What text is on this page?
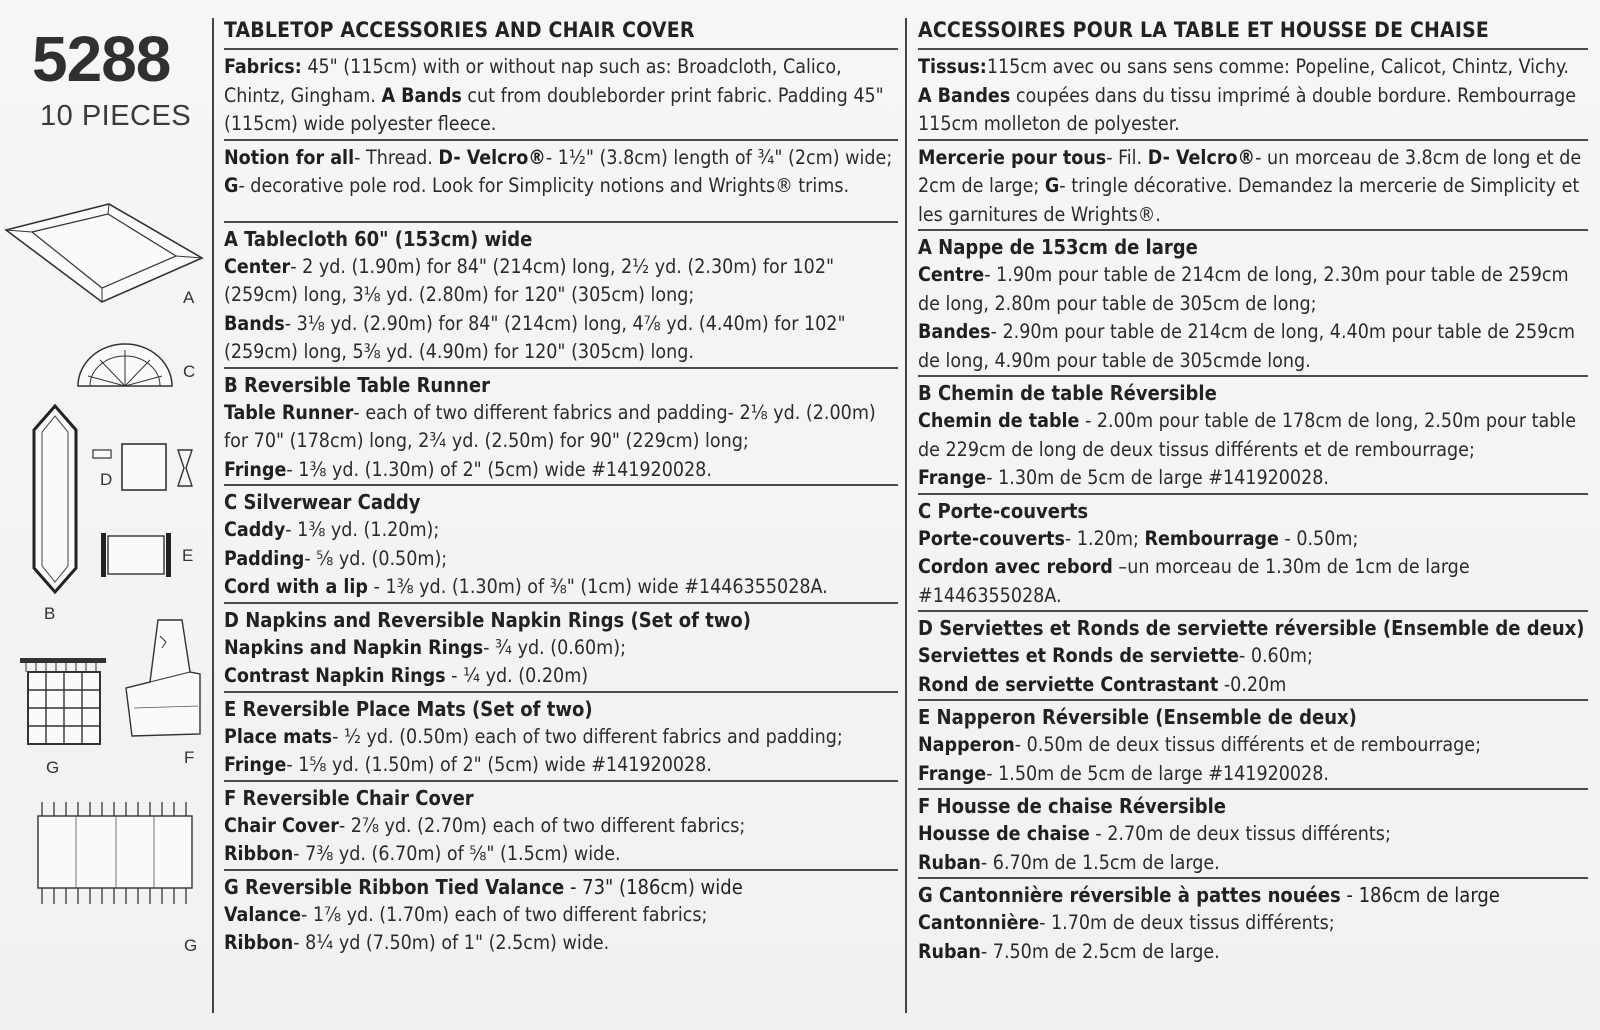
5288
10 PIECES
A
C
B
D
E
G
F
G
TABLETOP ACCESSORIES AND CHAIR COVER
Fabrics: 45" (115cm) with or without nap such as: Broadcloth, Calico,
Chintz, Gingham. A Bands cut from doubleborder print fabric. Padding 45"
(115cm) wide polyester fleece.
Notion for all- Thread. D- Velcro®- 1½" (3.8cm) length of ¾" (2cm) wide;
G- decorative pole rod. Look for Simplicity notions and Wrights® trims.
A Tablecloth 60" (153cm) wide
Center- 2 yd. (1.90m) for 84" (214cm) long, 2½ yd. (2.30m) for 102"
(259cm) long, 3⅛ yd. (2.80m) for 120" (305cm) long;
Bands- 3⅛ yd. (2.90m) for 84" (214cm) long, 4⅞ yd. (4.40m) for 102"
(259cm) long, 5⅜ yd. (4.90m) for 120" (305cm) long.
B Reversible Table Runner
Table Runner- each of two different fabrics and padding- 2⅛ yd. (2.00m)
for 70" (178cm) long, 2¾ yd. (2.50m) for 90" (229cm) long;
Fringe- 1⅜ yd. (1.30m) of 2" (5cm) wide #141920028.
C Silverwear Caddy
Caddy- 1⅜ yd. (1.20m);
Padding- ⅝ yd. (0.50m);
Cord with a lip - 1⅜ yd. (1.30m) of ⅜" (1cm) wide #1446355028A.
D Napkins and Reversible Napkin Rings (Set of two)
Napkins and Napkin Rings- ¾ yd. (0.60m);
Contrast Napkin Rings - ¼ yd. (0.20m)
E Reversible Place Mats (Set of two)
Place mats- ½ yd. (0.50m) each of two different fabrics and padding;
Fringe- 1⅝ yd. (1.50m) of 2" (5cm) wide #141920028.
F Reversible Chair Cover
Chair Cover- 2⅞ yd. (2.70m) each of two different fabrics;
Ribbon- 7⅜ yd. (6.70m) of ⅝" (1.5cm) wide.
G Reversible Ribbon Tied Valance - 73" (186cm) wide
Valance- 1⅞ yd. (1.70m) each of two different fabrics;
Ribbon- 8¼ yd (7.50m) of 1" (2.5cm) wide.
ACCESSOIRES POUR LA TABLE ET HOUSSE DE CHAISE
Tissus:115cm avec ou sans sens comme: Popeline, Calicot, Chintz, Vichy.
A Bandes coupées dans du tissu imprimé à double bordure. Rembourrage
115cm molleton de polyester.
Mercerie pour tous- Fil. D- Velcro®- un morceau de 3.8cm de long et de
2cm de large; G- tringle décorative. Demandez la mercerie de Simplicity et
les garnitures de Wrights®.
A Nappe de 153cm de large
Centre- 1.90m pour table de 214cm de long, 2.30m pour table de 259cm
de long, 2.80m pour table de 305cm de long;
Bandes- 2.90m pour table de 214cm de long, 4.40m pour table de 259cm
de long, 4.90m pour table de 305cmde long.
B Chemin de table Réversible
Chemin de table - 2.00m pour table de 178cm de long, 2.50m pour table
de 229cm de long de deux tissus différents et de rembourrage;
Frange- 1.30m de 5cm de large #141920028.
C Porte-couverts
Porte-couverts- 1.20m; Rembourrage - 0.50m;
Cordon avec rebord –un morceau de 1.30m de 1cm de large
#1446355028A.
D Serviettes et Ronds de serviette réversible (Ensemble de deux)
Serviettes et Ronds de serviette- 0.60m;
Rond de serviette Contrastant -0.20m
E Napperon Réversible (Ensemble de deux)
Napperon- 0.50m de deux tissus différents et de rembourrage;
Frange- 1.50m de 5cm de large #141920028.
F Housse de chaise Réversible
Housse de chaise - 2.70m de deux tissus différents;
Ruban- 6.70m de 1.5cm de large.
G Cantonnière réversible à pattes nouées - 186cm de large
Cantonnière- 1.70m de deux tissus différents;
Ruban- 7.50m de 2.5cm de large.
